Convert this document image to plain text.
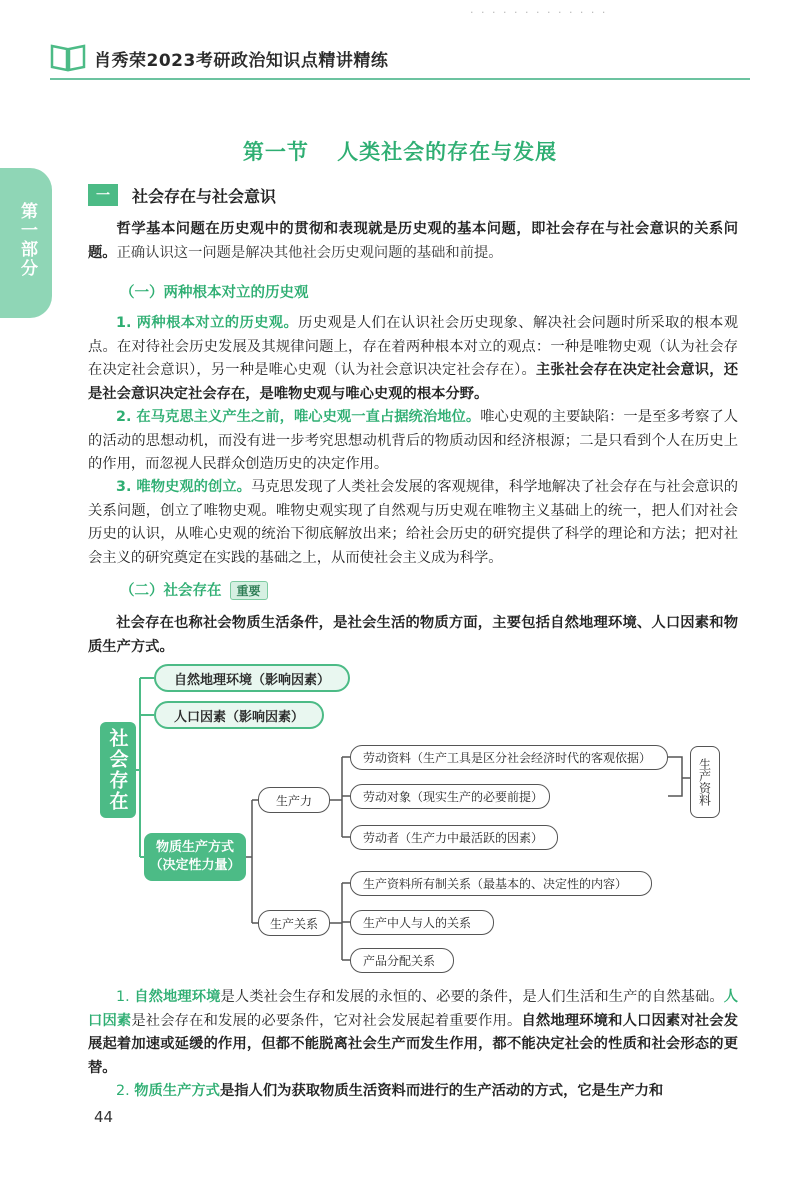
· · · · · · · · · · · · ·
肖秀荣2023考研政治知识点精讲精练
第一部分
第一节 人类社会的存在与发展
一	社会存在与社会意识
哲学基本问题在历史观中的贯彻和表现就是历史观的基本问题，即社会存在与社会意识的关系问题。正确认识这一问题是解决其他社会历史观问题的基础和前提。
（一）两种根本对立的历史观
1. 两种根本对立的历史观。历史观是人们在认识社会历史现象、解决社会问题时所采取的根本观点。在对待社会历史发展及其规律问题上，存在着两种根本对立的观点：一种是唯物史观（认为社会存在决定社会意识），另一种是唯心史观（认为社会意识决定社会存在）。主张社会存在决定社会意识，还是社会意识决定社会存在，是唯物史观与唯心史观的根本分野。
2. 在马克思主义产生之前，唯心史观一直占据统治地位。唯心史观的主要缺陷：一是至多考察了人的活动的思想动机，而没有进一步考究思想动机背后的物质动因和经济根源；二是只看到个人在历史上的作用，而忽视人民群众创造历史的决定作用。
3. 唯物史观的创立。马克思发现了人类社会发展的客观规律，科学地解决了社会存在与社会意识的关系问题，创立了唯物史观。唯物史观实现了自然观与历史观在唯物主义基础上的统一，把人们对社会历史的认识，从唯心史观的统治下彻底解放出来；给社会历史的研究提供了科学的理论和方法；把对社会主义的研究奠定在实践的基础之上，从而使社会主义成为科学。
（二）社会存在 重要
社会存在也称社会物质生活条件，是社会生活的物质方面，主要包括自然地理环境、人口因素和物质生产方式。
社会存在
自然地理环境（影响因素）
人口因素（影响因素）
物质生产方式
（决定性力量）
生产力
生产关系
劳动资料（生产工具是区分社会经济时代的客观依据）
劳动对象（现实生产的必要前提）
劳动者（生产力中最活跃的因素）
生产资料
生产资料所有制关系（最基本的、决定性的内容）
生产中人与人的关系
产品分配关系
1. 自然地理环境是人类社会生存和发展的永恒的、必要的条件，是人们生活和生产的自然基础。人口因素是社会存在和发展的必要条件，它对社会发展起着重要作用。自然地理环境和人口因素对社会发展起着加速或延缓的作用，但都不能脱离社会生产而发生作用，都不能决定社会的性质和社会形态的更替。
2. 物质生产方式是指人们为获取物质生活资料而进行的生产活动的方式，它是生产力和
44
